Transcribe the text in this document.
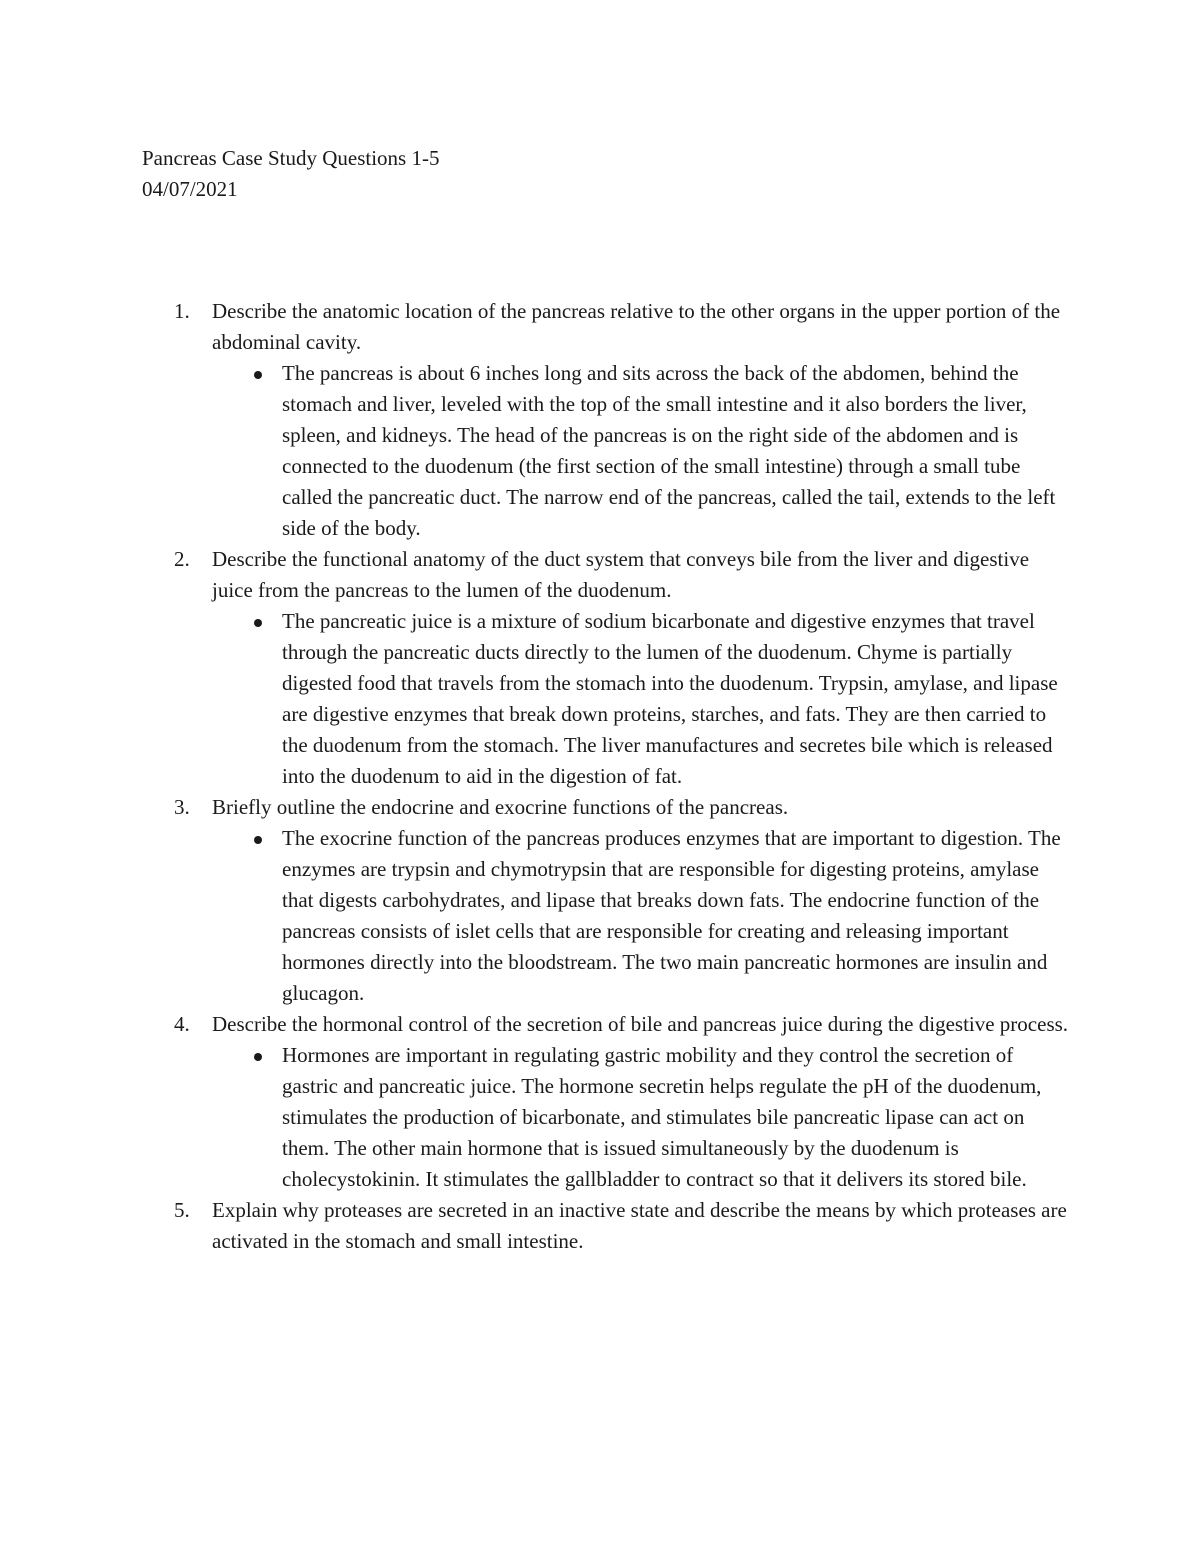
Pancreas Case Study Questions 1-5
04/07/2021
1. Describe the anatomic location of the pancreas relative to the other organs in the upper portion of the abdominal cavity.
The pancreas is about 6 inches long and sits across the back of the abdomen, behind the stomach and liver, leveled with the top of the small intestine and it also borders the liver, spleen, and kidneys. The head of the pancreas is on the right side of the abdomen and is connected to the duodenum (the first section of the small intestine) through a small tube called the pancreatic duct. The narrow end of the pancreas, called the tail, extends to the left side of the body.
2. Describe the functional anatomy of the duct system that conveys bile from the liver and digestive juice from the pancreas to the lumen of the duodenum.
The pancreatic juice is a mixture of sodium bicarbonate and digestive enzymes that travel through the pancreatic ducts directly to the lumen of the duodenum. Chyme is partially digested food that travels from the stomach into the duodenum. Trypsin, amylase, and lipase are digestive enzymes that break down proteins, starches, and fats. They are then carried to the duodenum from the stomach. The liver manufactures and secretes bile which is released into the duodenum to aid in the digestion of fat.
3. Briefly outline the endocrine and exocrine functions of the pancreas.
The exocrine function of the pancreas produces enzymes that are important to digestion. The enzymes are trypsin and chymotrypsin that are responsible for digesting proteins, amylase that digests carbohydrates, and lipase that breaks down fats. The endocrine function of the pancreas consists of islet cells that are responsible for creating and releasing important hormones directly into the bloodstream. The two main pancreatic hormones are insulin and glucagon.
4. Describe the hormonal control of the secretion of bile and pancreas juice during the digestive process.
Hormones are important in regulating gastric mobility and they control the secretion of gastric and pancreatic juice. The hormone secretin helps regulate the pH of the duodenum, stimulates the production of bicarbonate, and stimulates bile pancreatic lipase can act on them. The other main hormone that is issued simultaneously by the duodenum is cholecystokinin. It stimulates the gallbladder to contract so that it delivers its stored bile.
5. Explain why proteases are secreted in an inactive state and describe the means by which proteases are activated in the stomach and small intestine.
